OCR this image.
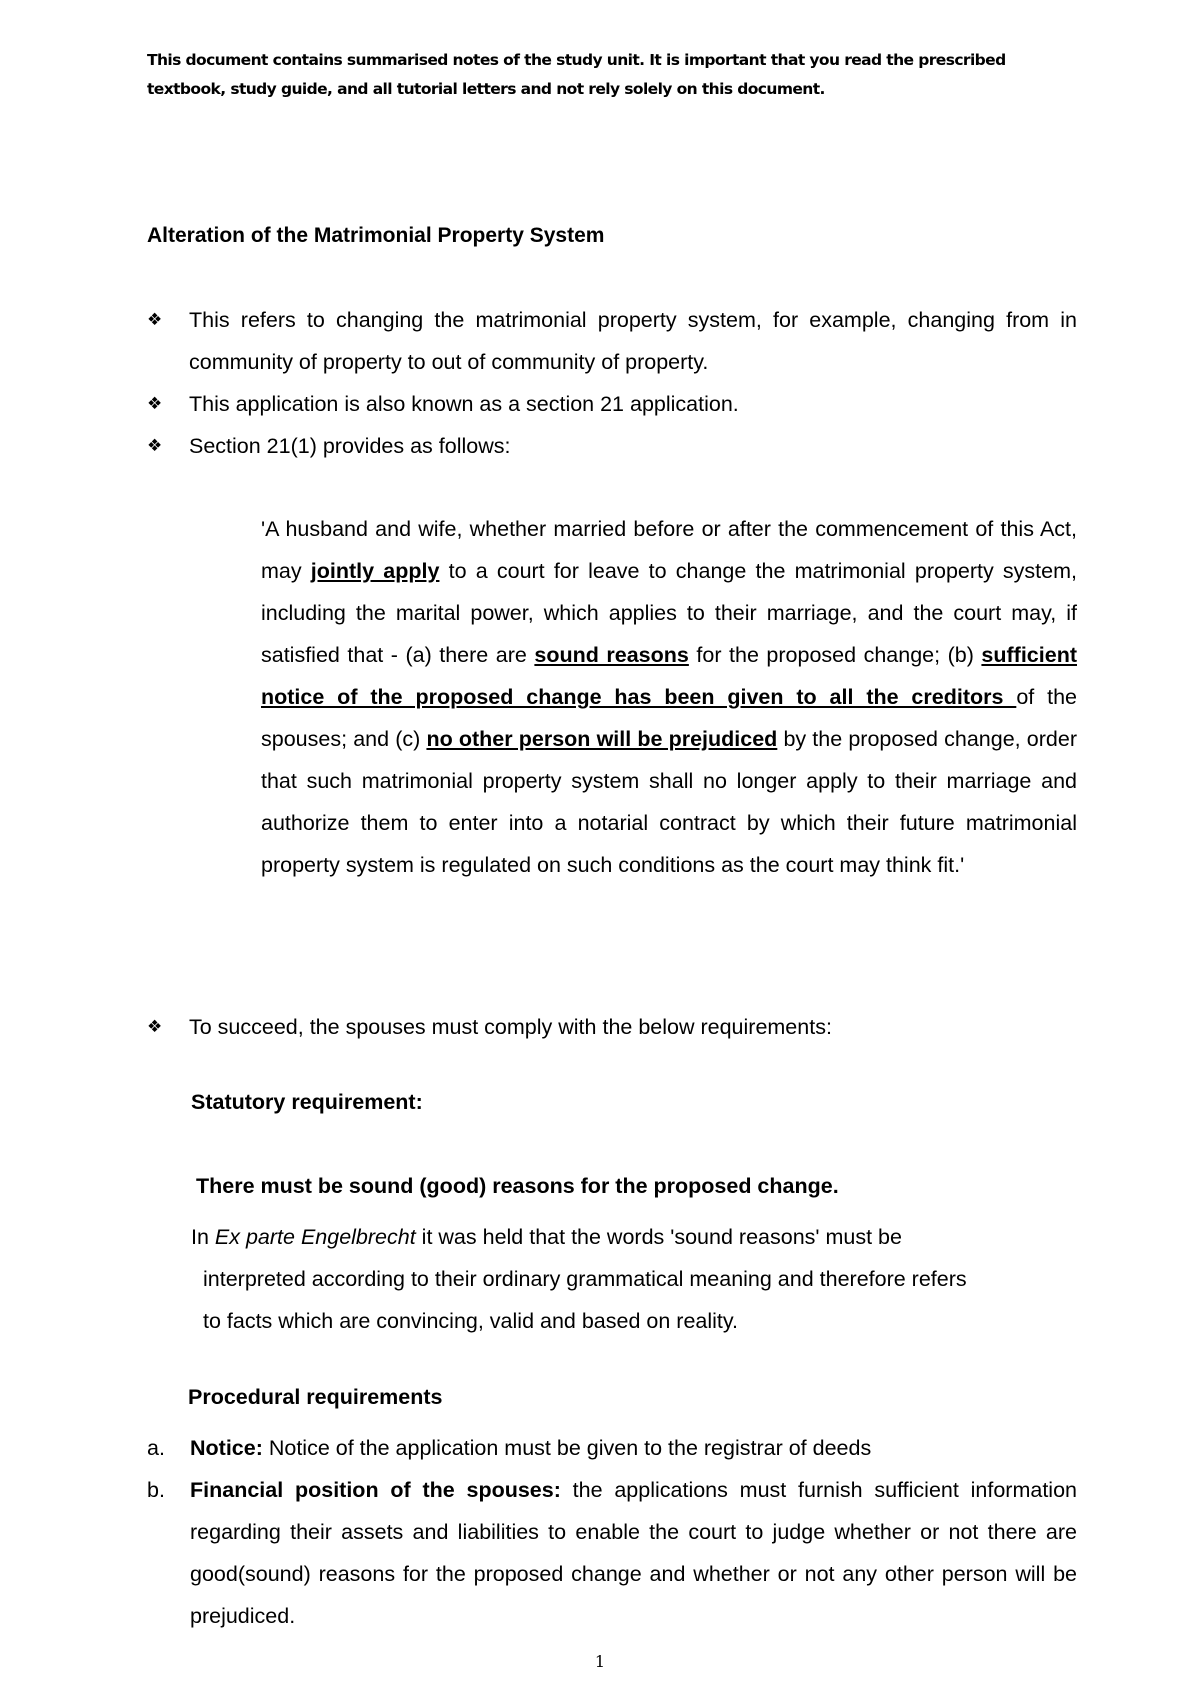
This document contains summarised notes of the study unit. It is important that you read the prescribed textbook, study guide, and all tutorial letters and not rely solely on this document.
Alteration of the Matrimonial Property System
❖ This refers to changing the matrimonial property system, for example, changing from in community of property to out of community of property.
❖ This application is also known as a section 21 application.
❖ Section 21(1) provides as follows:
'A husband and wife, whether married before or after the commencement of this Act, may jointly apply to a court for leave to change the matrimonial property system, including the marital power, which applies to their marriage, and the court may, if satisfied that - (a) there are sound reasons for the proposed change; (b) sufficient notice of the proposed change has been given to all the creditors of the spouses; and (c) no other person will be prejudiced by the proposed change, order that such matrimonial property system shall no longer apply to their marriage and authorize them to enter into a notarial contract by which their future matrimonial property system is regulated on such conditions as the court may think fit.'
❖ To succeed, the spouses must comply with the below requirements:
Statutory requirement:
There must be sound (good) reasons for the proposed change.
In Ex parte Engelbrecht it was held that the words 'sound reasons' must be
interpreted according to their ordinary grammatical meaning and therefore refers
to facts which are convincing, valid and based on reality.
Procedural requirements
a. Notice: Notice of the application must be given to the registrar of deeds
b. Financial position of the spouses: the applications must furnish sufficient information regarding their assets and liabilities to enable the court to judge whether or not there are good(sound) reasons for the proposed change and whether or not any other person will be prejudiced.
1
